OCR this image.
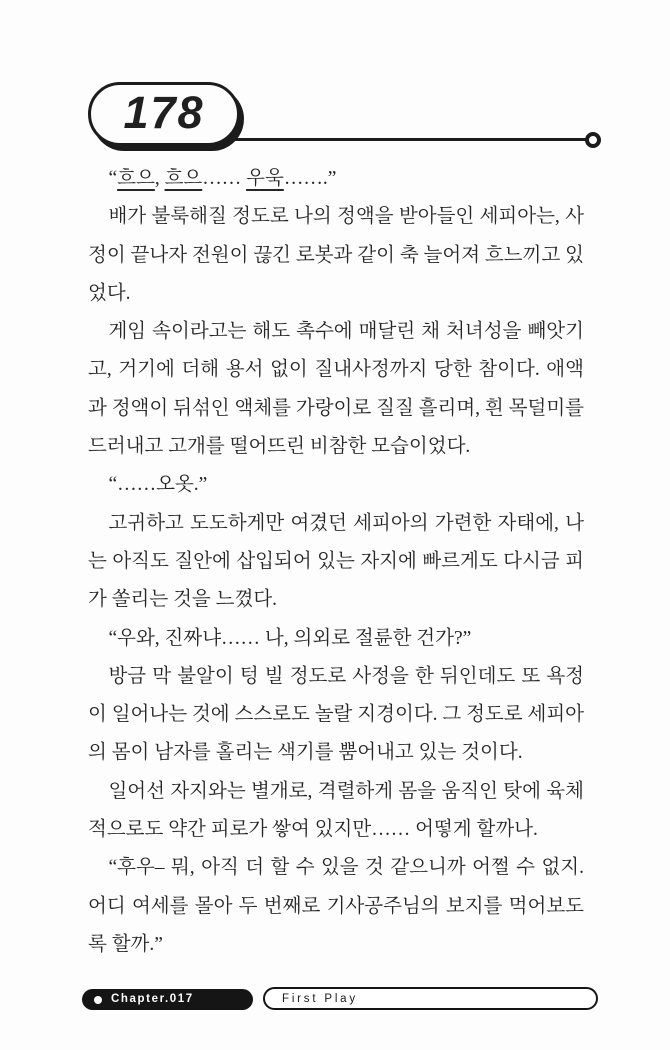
178

“흐으, 흐으…… 우욱…….”

배가 불룩해질 정도로 나의 정액을 받아들인 세피아는, 사정이 끝나자 전원이 끊긴 로봇과 같이 축 늘어져 흐느끼고 있었다.

게임 속이라고는 해도 촉수에 매달린 채 처녀성을 빼앗기고, 거기에 더해 용서 없이 질내사정까지 당한 참이다. 애액과 정액이 뒤섞인 액체를 가랑이로 질질 흘리며, 흰 목덜미를 드러내고 고개를 떨어뜨린 비참한 모습이었다.

“……오옷.”

고귀하고 도도하게만 여겼던 세피아의 가련한 자태에, 나는 아직도 질안에 삽입되어 있는 자지에 빠르게도 다시금 피가 쏠리는 것을 느꼈다.

“우와, 진짜냐…… 나, 의외로 절륜한 건가?”

방금 막 불알이 텅 빌 정도로 사정을 한 뒤인데도 또 욕정이 일어나는 것에 스스로도 놀랄 지경이다. 그 정도로 세피아의 몸이 남자를 홀리는 색기를 뿜어내고 있는 것이다.

일어선 자지와는 별개로, 격렬하게 몸을 움직인 탓에 육체적으로도 약간 피로가 쌓여 있지만…… 어떻게 할까나.

“후우– 뭐, 아직 더 할 수 있을 것 같으니까 어쩔 수 없지. 어디 여세를 몰아 두 번째로 기사공주님의 보지를 먹어보도록 할까.”

Chapter.017	First Play
